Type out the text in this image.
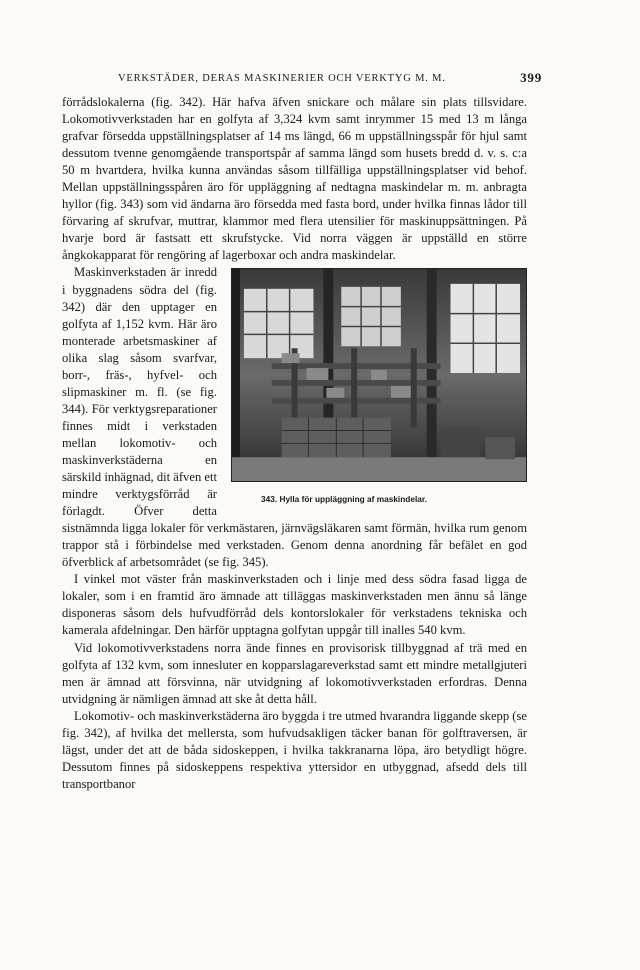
VERKSTÄDER, DERAS MASKINERIER OCH VERKTYG M. M.	399

förrådslokalerna (fig. 342). Här hafva äfven snickare och målare sin plats tillsvidare. Lokomotivverkstaden har en golfyta af 3,324 kvm samt inrymmer 15 med 13 m långa grafvar försedda uppställningsplatser af 14 ms längd, 66 m uppställningsspår för hjul samt dessutom tvenne genomgående transportspår af samma längd som husets bredd d. v. s. c:a 50 m hvartdera, hvilka kunna användas såsom tillfälliga uppställningsplatser vid behof. Mellan uppställningsspåren äro för uppläggning af nedtagna maskindelar m. m. anbragta hyllor (fig. 343) som vid ändarna äro försedda med fasta bord, under hvilka finnas lådor till förvaring af skrufvar, muttrar, klammor med flera utensilier för maskinuppsättningen. På hvarje bord är fastsatt ett skrufstycke. Vid norra väggen är uppställd en större ångkokapparat för rengöring af lagerboxar och andra maskindelar.

343. Hylla för uppläggning af maskindelar.

Maskinverkstaden är inredd i byggnadens södra del (fig. 342) där den upptager en golfyta af 1,152 kvm. Här äro monterade arbetsmaskiner af olika slag såsom svarfvar, borr-, fräs-, hyfvel- och slipmaskiner m. fl. (se fig. 344). För verktygsreparationer finnes midt i verkstaden mellan lokomotiv- och maskinverkstäderna en särskild inhägnad, dit äfven ett mindre verktygsförråd är förlagdt. Öfver detta sistnämnda ligga lokaler för verkmästaren, järnvägsläkaren samt förmän, hvilka rum genom trappor stå i förbindelse med verkstaden. Genom denna anordning får befälet en god öfverblick af arbetsområdet (se fig. 345).

I vinkel mot väster från maskinverkstaden och i linje med dess södra fasad ligga de lokaler, som i en framtid äro ämnade att tilläggas maskinverkstaden men ännu så länge disponeras såsom dels hufvudförråd dels kontorslokaler för verkstadens tekniska och kamerala afdelningar. Den härför upptagna golfytan uppgår till inalles 540 kvm.

Vid lokomotivverkstadens norra ände finnes en provisorisk tillbyggnad af trä med en golfyta af 132 kvm, som innesluter en kopparslagareverkstad samt ett mindre metallgjuteri men är ämnad att försvinna, när utvidgning af lokomotivverkstaden erfordras. Denna utvidgning är nämligen ämnad att ske åt detta håll.

Lokomotiv- och maskinverkstäderna äro byggda i tre utmed hvarandra liggande skepp (se fig. 342), af hvilka det mellersta, som hufvudsakligen täcker banan för golftraversen, är lägst, under det att de båda sidoskeppen, i hvilka takkranarna löpa, äro betydligt högre. Dessutom finnes på sidoskeppens respektiva yttersidor en utbyggnad, afsedd dels till transportbanor
